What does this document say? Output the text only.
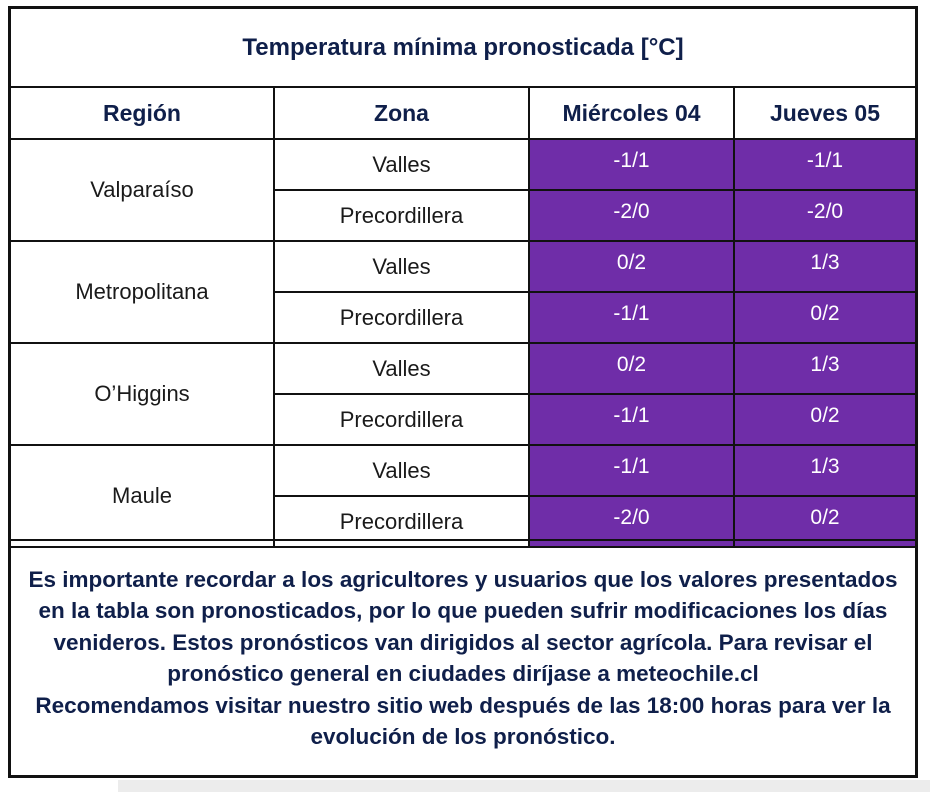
Temperatura mínima pronosticada [°C]
Región	Zona	Miércoles 04	Jueves 05
Valparaíso	Valles	-1/1	-1/1
	Precordillera	-2/0	-2/0
Metropolitana	Valles	0/2	1/3
	Precordillera	-1/1	0/2
O’Higgins	Valles	0/2	1/3
	Precordillera	-1/1	0/2
Maule	Valles	-1/1	1/3
	Precordillera	-2/0	0/2

Es importante recordar a los agricultores y usuarios que los valores presentados en la tabla son pronosticados, por lo que pueden sufrir modificaciones los días venideros. Estos pronósticos van dirigidos al sector agrícola. Para revisar el pronóstico general en ciudades diríjase a meteochile.cl

Recomendamos visitar nuestro sitio web después de las 18:00 horas para ver la evolución de los pronóstico.
